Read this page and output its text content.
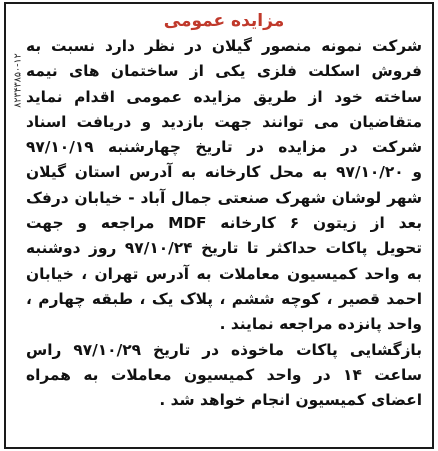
۸۲۳۴۳۸۵۰-۱۲
مزایده عمومی
شرکت نمونه منصور گیلان در نظر دارد نسبت به
فروش اسکلت فلزی یکی از ساختمان های نیمه
ساخته خود از طریق مزایده عمومی اقدام نماید
متقاضیان می توانند جهت بازدید و دریافت اسناد
شرکت در مزایده در تاریخ چهارشنبه ۹۷/۱۰/۱۹
و ۹۷/۱۰/۲۰ به محل کارخانه به آدرس استان گیلان
شهر لوشان شهرک صنعتی جمال آباد - خیابان درفک
بعد از زیتون ۶ کارخانه MDF مراجعه و جهت
تحویل پاکات حداکثر تا تاریخ ۹۷/۱۰/۲۴ روز دوشنبه
به واحد کمیسیون معاملات به آدرس تهران ، خیابان
احمد قصیر ، کوچه ششم ، پلاک یک ، طبقه چهارم ،
واحد پانزده مراجعه نمایند .
بازگشایی پاکات ماخوذه در تاریخ ۹۷/۱۰/۲۹ راس
ساعت ۱۴ در واحد کمیسیون معاملات به همراه
اعضای کمیسیون انجام خواهد شد .
